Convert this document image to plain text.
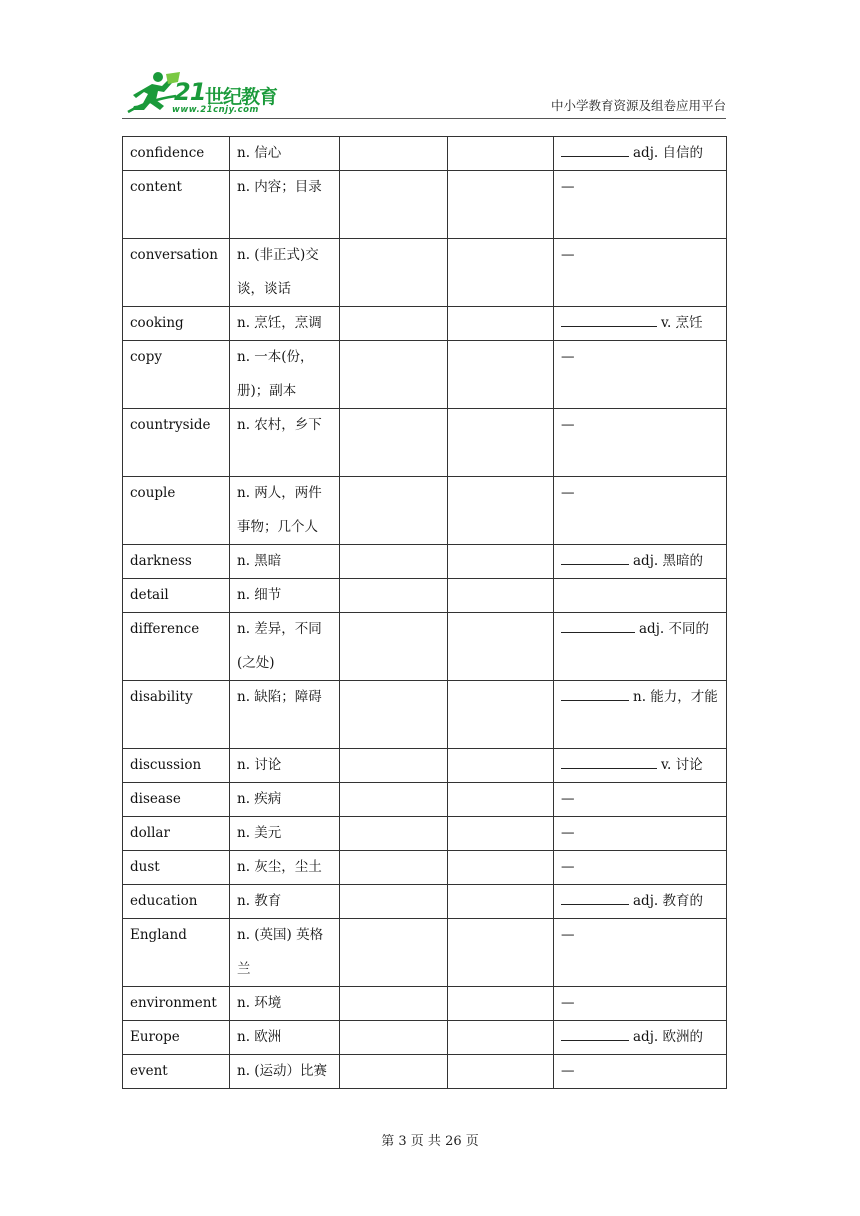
21 世纪教育
www.21cnjy.com	中小学教育资源及组卷应用平台
confidence	n. 信心			adj. 自信的

content	n. 内容；目录			—

conversation	n. (非正式)交谈，谈话			—

cooking	n. 烹饪，烹调			v. 烹饪

copy	n. 一本(份，册)；副本			—

countryside	n. 农村，乡下			—

couple	n. 两人，两件事物；几个人			—

darkness	n. 黑暗			adj. 黑暗的

detail	n. 细节			

difference	n. 差异，不同(之处)			adj. 不同的

disability	n. 缺陷；障碍			n. 能力，才能

discussion	n. 讨论			v. 讨论

disease	n. 疾病			—

dollar	n. 美元			—

dust	n. 灰尘，尘土			—

education	n. 教育			adj. 教育的

England	n. (英国) 英格兰			—

environment	n. 环境			—

Europe	n. 欧洲			adj. 欧洲的

event	n. (运动）比赛			—
第 3 页 共 26 页
